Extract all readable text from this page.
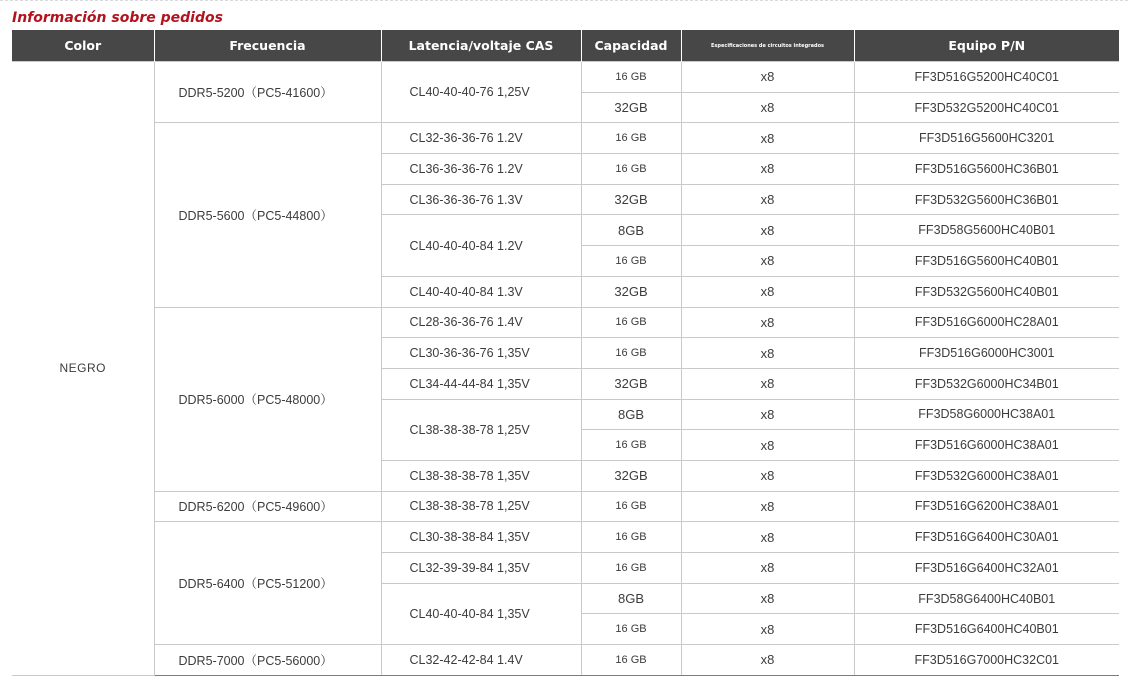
Información sobre pedidos
Color	Frecuencia	Latencia/voltaje CAS	Capacidad	Especificaciones de circuitos integrados	Equipo P/N
NEGRO	DDR5-5200（PC5-41600）	CL40-40-40-76 1,25V	16 GB	x8	FF3D516G5200HC40C01
			32GB	x8	FF3D532G5200HC40C01
	DDR5-5600（PC5-44800）	CL32-36-36-76 1.2V	16 GB	x8	FF3D516G5600HC3201
		CL36-36-36-76 1.2V	16 GB	x8	FF3D516G5600HC36B01
		CL36-36-36-76 1.3V	32GB	x8	FF3D532G5600HC36B01
		CL40-40-40-84 1.2V	8GB	x8	FF3D58G5600HC40B01
			16 GB	x8	FF3D516G5600HC40B01
		CL40-40-40-84 1.3V	32GB	x8	FF3D532G5600HC40B01
	DDR5-6000（PC5-48000）	CL28-36-36-76 1.4V	16 GB	x8	FF3D516G6000HC28A01
		CL30-36-36-76 1,35V	16 GB	x8	FF3D516G6000HC3001
		CL34-44-44-84 1,35V	32GB	x8	FF3D532G6000HC34B01
		CL38-38-38-78 1,25V	8GB	x8	FF3D58G6000HC38A01
			16 GB	x8	FF3D516G6000HC38A01
		CL38-38-38-78 1,35V	32GB	x8	FF3D532G6000HC38A01
	DDR5-6200（PC5-49600）	CL38-38-38-78 1,25V	16 GB	x8	FF3D516G6200HC38A01
	DDR5-6400（PC5-51200）	CL30-38-38-84 1,35V	16 GB	x8	FF3D516G6400HC30A01
		CL32-39-39-84 1,35V	16 GB	x8	FF3D516G6400HC32A01
		CL40-40-40-84 1,35V	8GB	x8	FF3D58G6400HC40B01
			16 GB	x8	FF3D516G6400HC40B01
	DDR5-7000（PC5-56000）	CL32-42-42-84 1.4V	16 GB	x8	FF3D516G7000HC32C01
